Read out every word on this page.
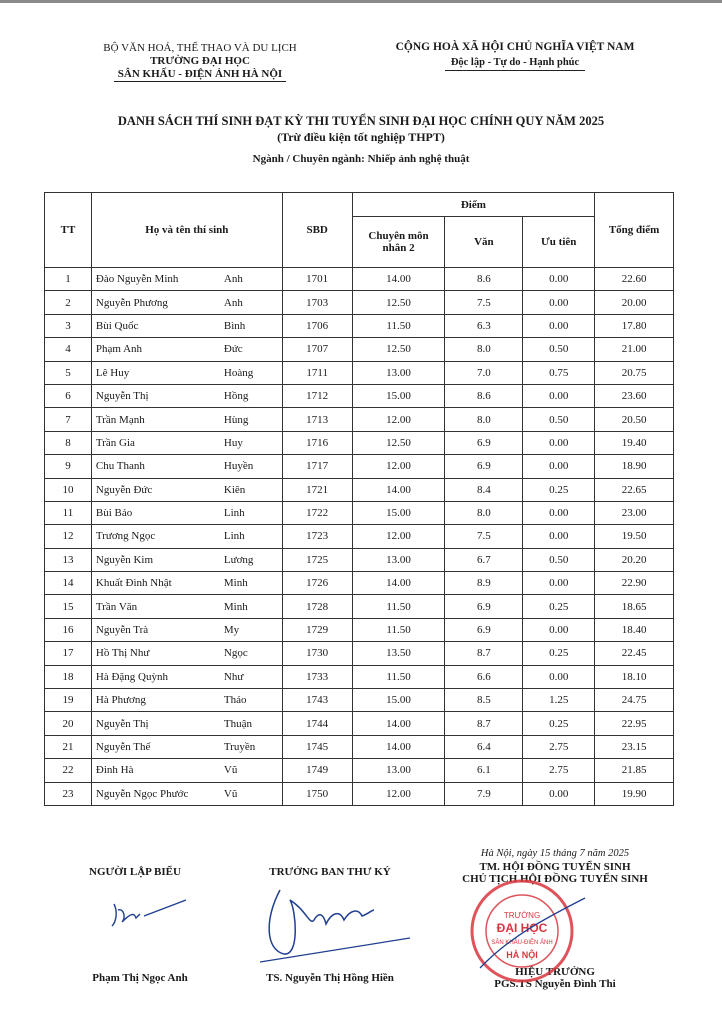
BỘ VĂN HOÁ, THỂ THAO VÀ DU LỊCH
TRƯỜNG ĐẠI HỌC
SÂN KHẤU - ĐIỆN ẢNH HÀ NỘI
CỘNG HOÀ XÃ HỘI CHỦ NGHĨA VIỆT NAM
Độc lập - Tự do - Hạnh phúc
DANH SÁCH THÍ SINH ĐẠT KỲ THI TUYỂN SINH ĐẠI HỌC CHÍNH QUY NĂM 2025
(Trừ điều kiện tốt nghiệp THPT)
Ngành / Chuyên ngành: Nhiếp ảnh nghệ thuật
TT	Họ và tên thí sinh	SBD	Điểm			Tổng điểm
			Chuyên môn nhân 2	Văn	Ưu tiên	
1	Đào Nguyễn Minh Anh	1701	14.00	8.6	0.00	22.60
2	Nguyễn Phương Anh	1703	12.50	7.5	0.00	20.00
3	Bùi Quốc Bình	1706	11.50	6.3	0.00	17.80
4	Phạm Anh Đức	1707	12.50	8.0	0.50	21.00
5	Lê Huy Hoàng	1711	13.00	7.0	0.75	20.75
6	Nguyễn Thị Hồng	1712	15.00	8.6	0.00	23.60
7	Trần Mạnh Hùng	1713	12.00	8.0	0.50	20.50
8	Trần Gia Huy	1716	12.50	6.9	0.00	19.40
9	Chu Thanh Huyền	1717	12.00	6.9	0.00	18.90
10	Nguyễn Đức Kiên	1721	14.00	8.4	0.25	22.65
11	Bùi Bảo Linh	1722	15.00	8.0	0.00	23.00
12	Trương Ngọc Linh	1723	12.00	7.5	0.00	19.50
13	Nguyễn Kim Lương	1725	13.00	6.7	0.50	20.20
14	Khuất Đình Nhật Minh	1726	14.00	8.9	0.00	22.90
15	Trần Văn Minh	1728	11.50	6.9	0.25	18.65
16	Nguyễn Trà My	1729	11.50	6.9	0.00	18.40
17	Hồ Thị Như Ngọc	1730	13.50	8.7	0.25	22.45
18	Hà Đặng Quỳnh Như	1733	11.50	6.6	0.00	18.10
19	Hà Phương Thảo	1743	15.00	8.5	1.25	24.75
20	Nguyễn Thị Thuận	1744	14.00	8.7	0.25	22.95
21	Nguyễn Thế Truyền	1745	14.00	6.4	2.75	23.15
22	Đinh Hà Vũ	1749	13.00	6.1	2.75	21.85
23	Nguyễn Ngọc Phước Vũ	1750	12.00	7.9	0.00	19.90
Hà Nội, ngày 15 tháng 7 năm 2025
NGƯỜI LẬP BIỂU
Phạm Thị Ngọc Anh
TRƯỞNG BAN THƯ KÝ
TS. Nguyễn Thị Hồng Hiền
TM. HỘI ĐỒNG TUYỂN SINH
CHỦ TỊCH HỘI ĐỒNG TUYỂN SINH
HIỆU TRƯỞNG
PGS.TS Nguyễn Đình Thi
TRƯỜNG
ĐẠI HỌC
SÂN KHẤU-ĐIỆN ẢNH
HÀ NỘI
